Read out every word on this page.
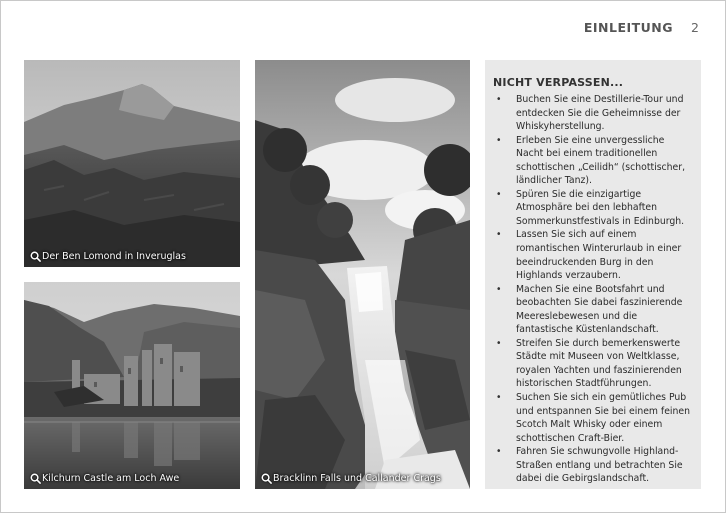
EINLEITUNG 2
Der Ben Lomond in Inveruglas
Kilchurn Castle am Loch Awe	Bracklinn Falls und Callander Crags
NICHT VERPASSEN...
• Buchen Sie eine Destillerie-Tour und entdecken Sie die Geheimnisse der Whiskyherstellung.
• Erleben Sie eine unvergessliche Nacht bei einem traditionellen schottischen „Ceilidh“ (schottischer, ländlicher Tanz).
• Spüren Sie die einzigartige Atmosphäre bei den lebhaften Sommerkunstfestivals in Edinburgh.
• Lassen Sie sich auf einem romantischen Winterurlaub in einer beeindruckenden Burg in den Highlands verzaubern.
• Machen Sie eine Bootsfahrt und beobachten Sie dabei faszinierende Meereslebewesen und die fantastische Küstenlandschaft.
• Streifen Sie durch bemerkenswerte Städte mit Museen von Weltklasse, royalen Yachten und faszinierenden historischen Stadtführungen.
• Suchen Sie sich ein gemütliches Pub und entspannen Sie bei einem feinen Scotch Malt Whisky oder einem schottischen Craft-Bier.
• Fahren Sie schwungvolle Highland-Straßen entlang und betrachten Sie dabei die Gebirgslandschaft.
